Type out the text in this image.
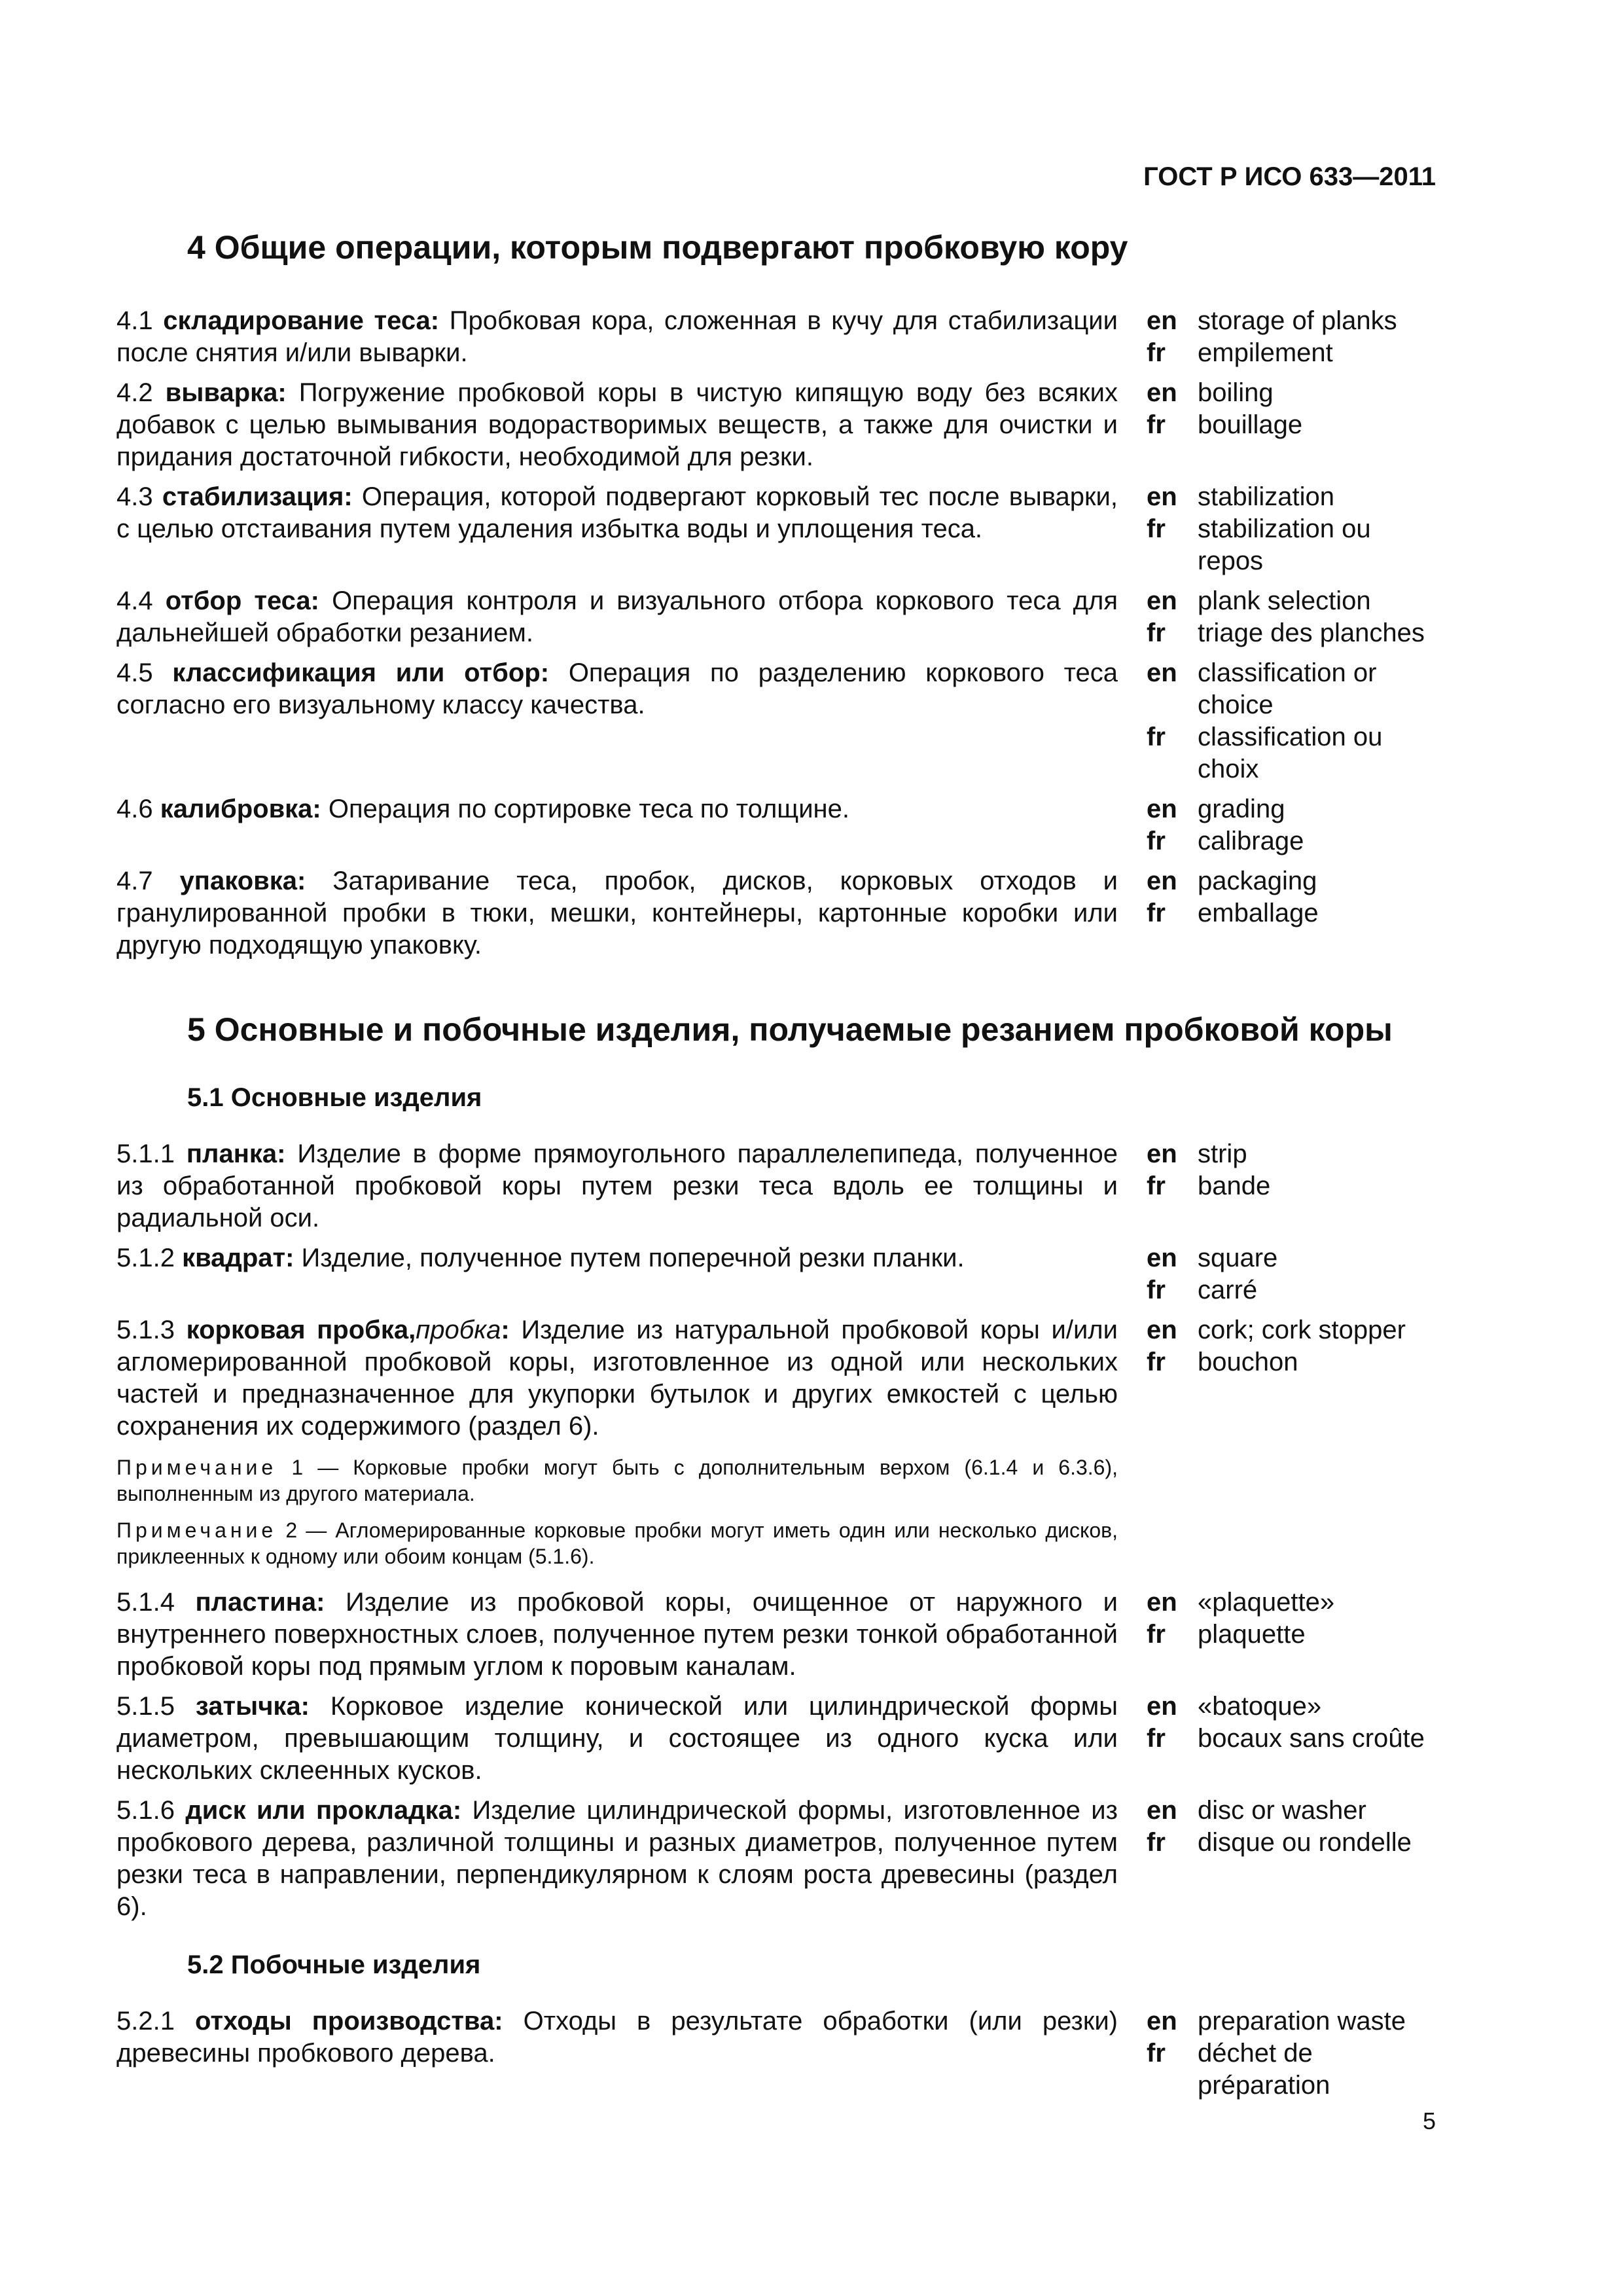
ГОСТ Р ИСО 633—2011
4 Общие операции, которым подвергают пробковую кору
4.1 складирование теса: Пробковая кора, сложенная в кучу для стабилизации после снятия и/или выварки.
en storage of planks
fr	empilement
4.2 выварка: Погружение пробковой коры в чистую кипящую воду без всяких добавок с целью вымывания водорастворимых веществ, а также для очистки и придания достаточной гибкости, необходимой для резки.
en boiling
fr	bouillage
4.3 стабилизация: Операция, которой подвергают корковый тес после выварки, с целью отстаивания путем удаления избытка воды и уплощения теса.
en stabilization
fr	stabilization ou repos
4.4 отбор теса: Операция контроля и визуального отбора коркового теса для дальнейшей обработки резанием.
en plank selection
fr	triage des planches
4.5 классификация или отбор: Операция по разделению коркового теса согласно его визуальному классу качества.
en classification or choice
fr	classification ou choix
4.6 калибровка: Операция по сортировке теса по толщине.	en grading
fr	calibrage
4.7 упаковка: Затаривание теса, пробок, дисков, корковых отходов и гранулированной пробки в тюки, мешки, контейнеры, картонные коробки или другую подходящую упаковку.
en packaging
fr	emballage
5 Основные и побочные изделия, получаемые резанием пробковой коры
5.1 Основные изделия
5.1.1 планка: Изделие в форме прямоугольного параллелепипеда, полученное из обработанной пробковой коры путем резки теса вдоль ее толщины и радиальной оси.
en strip
fr	bande
5.1.2 квадрат: Изделие, полученное путем поперечной резки планки.	en square
fr	carré
5.1.3 корковая пробка,пробка: Изделие из натуральной пробковой коры и/или агломерированной пробковой коры, изготовленное из одной или нескольких частей и предназначенное для укупорки бутылок и других емкостей с целью сохранения их содержимого (раздел 6).
en cork; cork stopper
fr	bouchon
Примечание 1 — Корковые пробки могут быть с дополнительным верхом (6.1.4 и 6.3.6), выполненным из другого материала.
Примечание 2 — Агломерированные корковые пробки могут иметь один или несколько дисков, приклеенных к одному или обоим концам (5.1.6).
5.1.4 пластина: Изделие из пробковой коры, очищенное от наружного и внутреннего поверхностных слоев, полученное путем резки тонкой обработанной пробковой коры под прямым углом к поровым каналам.
en «plaquette»
fr	plaquette
5.1.5 затычка: Корковое изделие конической или цилиндрической формы диаметром, превышающим толщину, и состоящее из одного куска или нескольких склеенных кусков.
en «batoque»
fr	bocaux sans croûte
5.1.6 диск или прокладка: Изделие цилиндрической формы, изготовленное из пробкового дерева, различной толщины и разных диаметров, полученное путем резки теса в направлении, перпендикулярном к слоям роста древесины (раздел 6).
en disc or washer
fr	disque ou rondelle
5.2 Побочные изделия
5.2.1 отходы производства: Отходы в результате обработки (или резки) древесины пробкового дерева.
en preparation waste
fr	déchet de préparation
5
